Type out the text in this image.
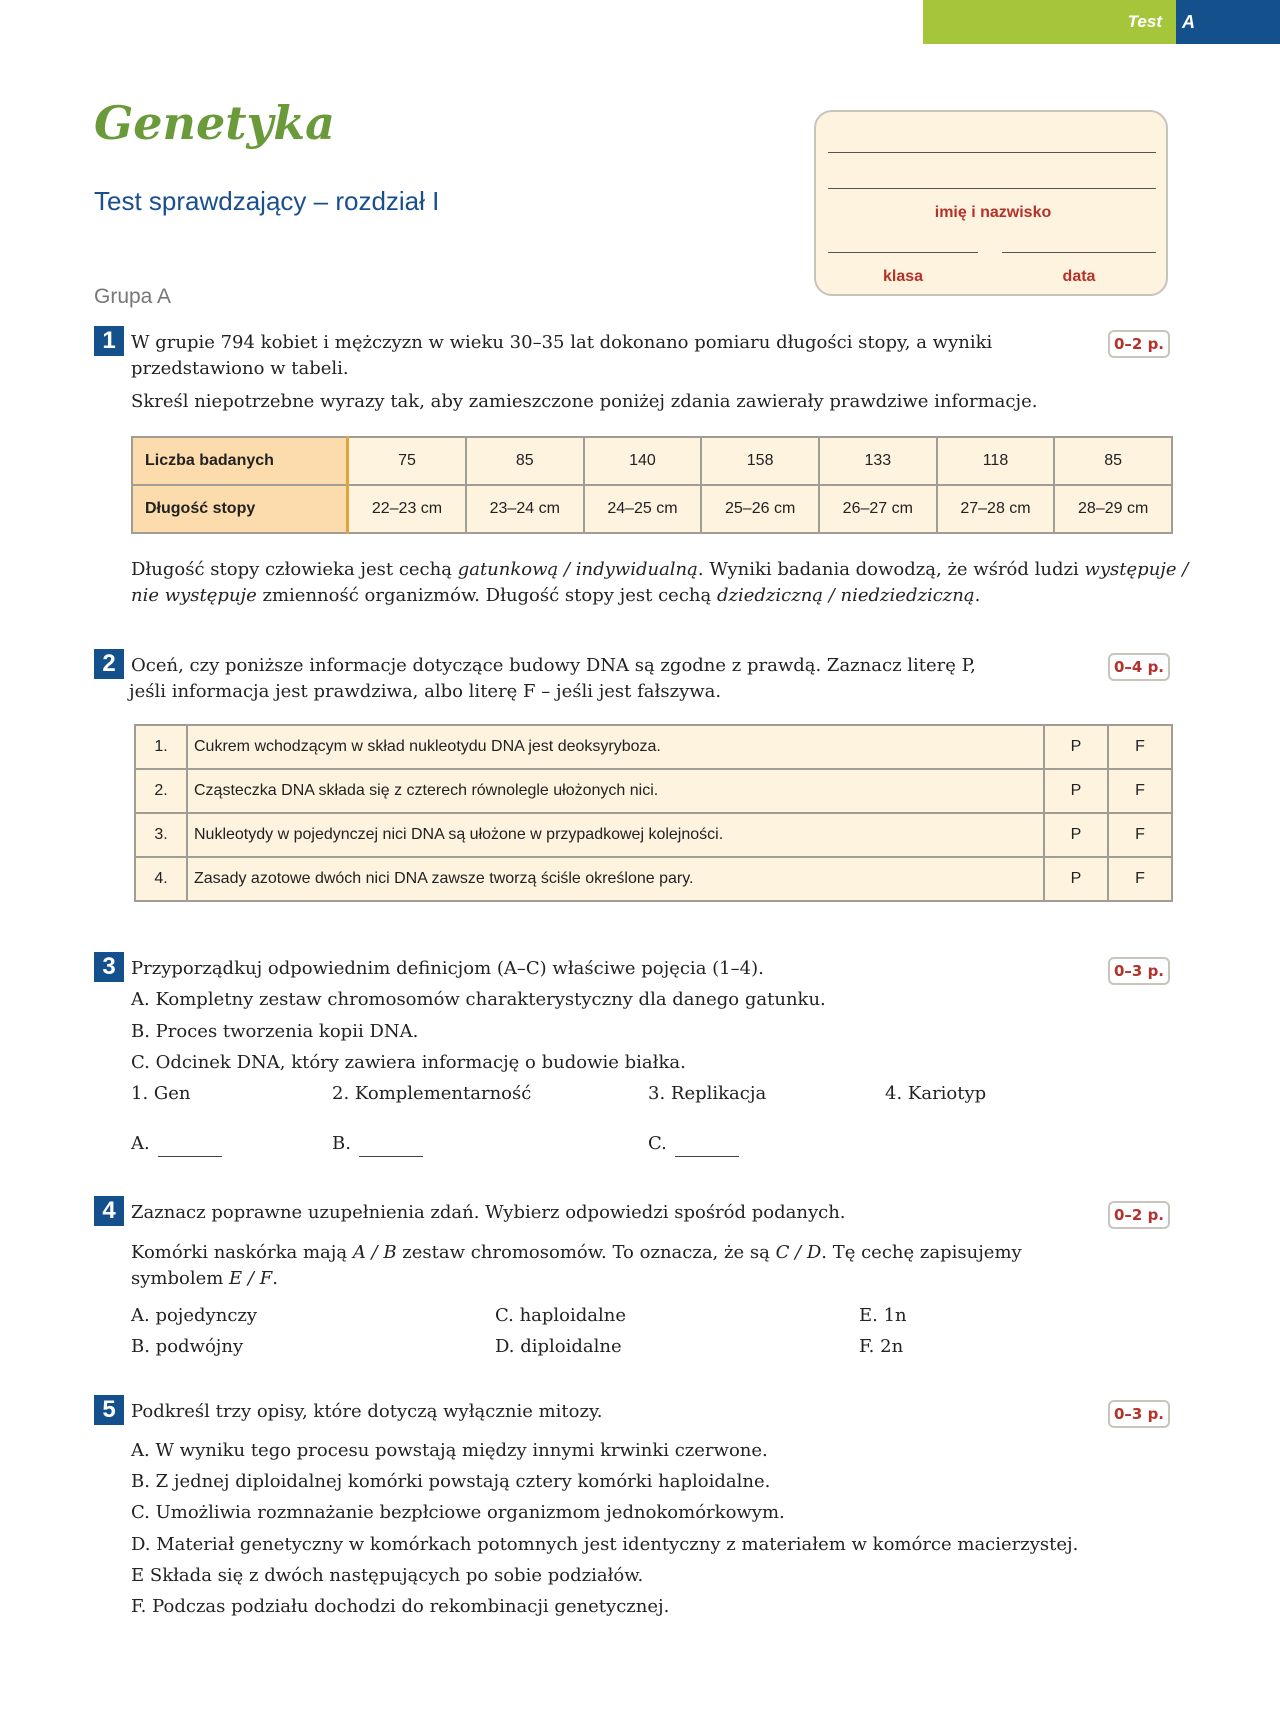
Test A
Genetyka
Test sprawdzający – rozdział I
Grupa A
imię i nazwisko
klasa	data
1	0–2 p.
W grupie 794 kobiet i mężczyzn w wieku 30–35 lat dokonano pomiaru długości stopy, a wyniki
przedstawiono w tabeli.
Skreśl niepotrzebne wyrazy tak, aby zamieszczone poniżej zdania zawierały prawdziwe informacje.
Liczba badanych	75	85	140	158	133	118	85
Długość stopy	22–23 cm	23–24 cm	24–25 cm	25–26 cm	26–27 cm	27–28 cm	28–29 cm
Długość stopy człowieka jest cechą gatunkową / indywidualną. Wyniki badania dowodzą, że wśród ludzi występuje /
nie występuje zmienność organizmów. Długość stopy jest cechą dziedziczną / niedziedziczną.
2	0–4 p.
Oceń, czy poniższe informacje dotyczące budowy DNA są zgodne z prawdą. Zaznacz literę P,
jeśli informacja jest prawdziwa, albo literę F – jeśli jest fałszywa.
1.	Cukrem wchodzącym w skład nukleotydu DNA jest deoksyryboza.	P	F
2.	Cząsteczka DNA składa się z czterech równolegle ułożonych nici.	P	F
3.	Nukleotydy w pojedynczej nici DNA są ułożone w przypadkowej kolejności.	P	F
4.	Zasady azotowe dwóch nici DNA zawsze tworzą ściśle określone pary.	P	F
3	0–3 p.
Przyporządkuj odpowiednim definicjom (A–C) właściwe pojęcia (1–4).
A. Kompletny zestaw chromosomów charakterystyczny dla danego gatunku.
B. Proces tworzenia kopii DNA.
C. Odcinek DNA, który zawiera informację o budowie białka.
1. Gen	2. Komplementarność	3. Replikacja	4. Kariotyp
A.	B.	C.
4	0–2 p.
Zaznacz poprawne uzupełnienia zdań. Wybierz odpowiedzi spośród podanych.
Komórki naskórka mają A / B zestaw chromosomów. To oznacza, że są C / D. Tę cechę zapisujemy
symbolem E / F.
A. pojedynczy	C. haploidalne	E. 1n
B. podwójny	D. diploidalne	F. 2n
5	0–3 p.
Podkreśl trzy opisy, które dotyczą wyłącznie mitozy.
A. W wyniku tego procesu powstają między innymi krwinki czerwone.
B. Z jednej diploidalnej komórki powstają cztery komórki haploidalne.
C. Umożliwia rozmnażanie bezpłciowe organizmom jednokomórkowym.
D. Materiał genetyczny w komórkach potomnych jest identyczny z materiałem w komórce macierzystej.
E Składa się z dwóch następujących po sobie podziałów.
F. Podczas podziału dochodzi do rekombinacji genetycznej.
